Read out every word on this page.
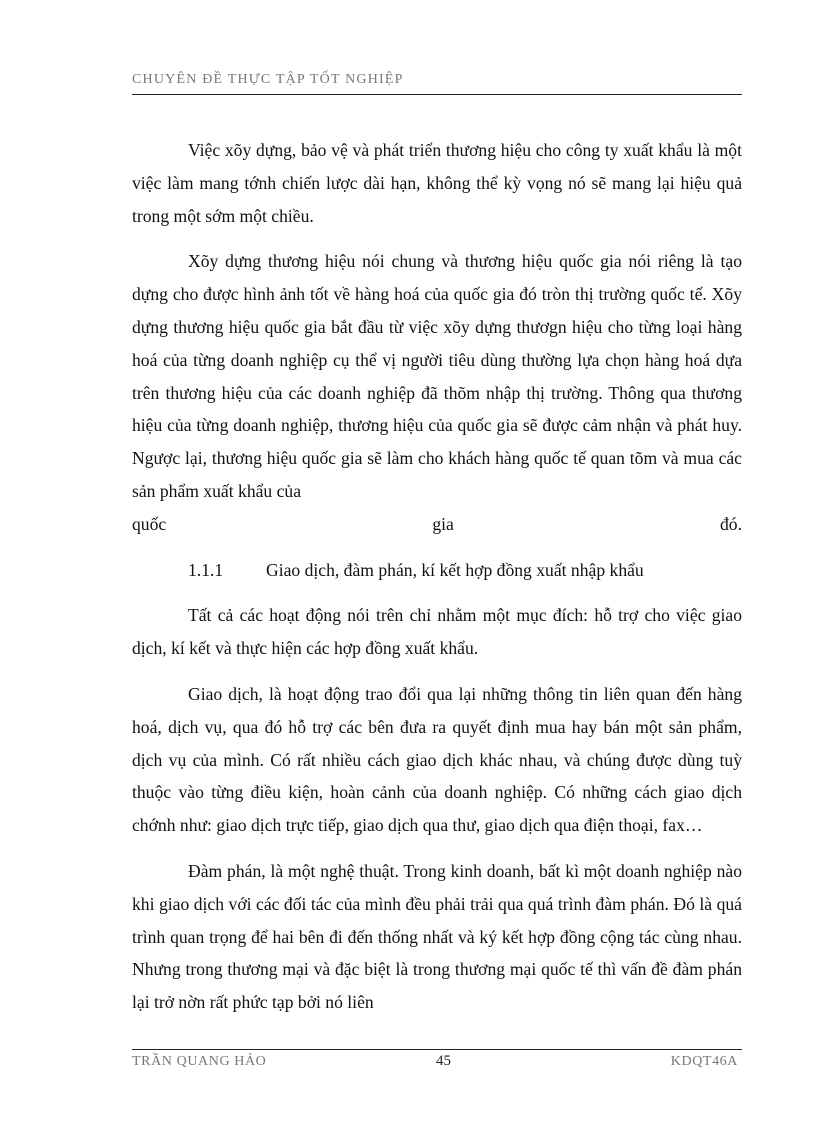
CHUYÊN ĐỀ THỰC TẬP TỐT NGHIỆP

Việc xõy dựng, bảo vệ và phát triển thương hiệu cho công ty xuất khẩu là một việc làm mang tớnh chiến lược dài hạn, không thể kỳ vọng nó sẽ mang lại hiệu quả trong một sớm một chiều.

Xõy dựng thương hiệu nói chung và thương hiệu quốc gia nói riêng là tạo dựng cho được hình ảnh tốt về hàng hoá của quốc gia đó tròn thị trường quốc tế. Xõy dựng thương hiệu quốc gia bắt đầu từ việc xõy dựng thươgn hiệu cho từng loại hàng hoá của từng doanh nghiệp cụ thể vị người tiêu dùng thường lựa chọn hàng hoá dựa trên thương hiệu của các doanh nghiệp đã thõm nhập thị trường. Thông qua thương hiệu của từng doanh nghiệp, thương hiệu của quốc gia sẽ được cảm nhận và phát huy. Ngược lại, thương hiệu quốc gia sẽ làm cho khách hàng quốc tế quan tõm và mua các sản phẩm xuất khẩu của

quốc	gia	đó.
1.1.1 Giao dịch, đàm phán, kí kết hợp đồng xuất nhập khẩu

Tất cả các hoạt động nói trên chỉ nhằm một mục đích: hỗ trợ cho việc giao dịch, kí kết và thực hiện các hợp đồng xuất khẩu.

Giao dịch, là hoạt động trao đổi qua lại những thông tin liên quan đến hàng hoá, dịch vụ, qua đó hỗ trợ các bên đưa ra quyết định mua hay bán một sản phẩm, dịch vụ của mình. Có rất nhiều cách giao dịch khác nhau, và chúng được dùng tuỳ thuộc vào từng điều kiện, hoàn cảnh của doanh nghiệp. Có những cách giao dịch chớnh như: giao dịch trực tiếp, giao dịch qua thư, giao dịch qua điện thoại, fax…

Đàm phán, là một nghệ thuật. Trong kinh doanh, bất kì một doanh nghiệp nào khi giao dịch với các đối tác của mình đều phải trải qua quá trình đàm phán. Đó là quá trình quan trọng để hai bên đi đến thống nhất và ký kết hợp đồng cộng tác cùng nhau. Nhưng trong thương mại và đặc biệt là trong thương mại quốc tế thì vấn đề đàm phán lại trở nờn rất phức tạp bởi nó liên

TRẦN QUANG HẢO	45	KDQT46A
